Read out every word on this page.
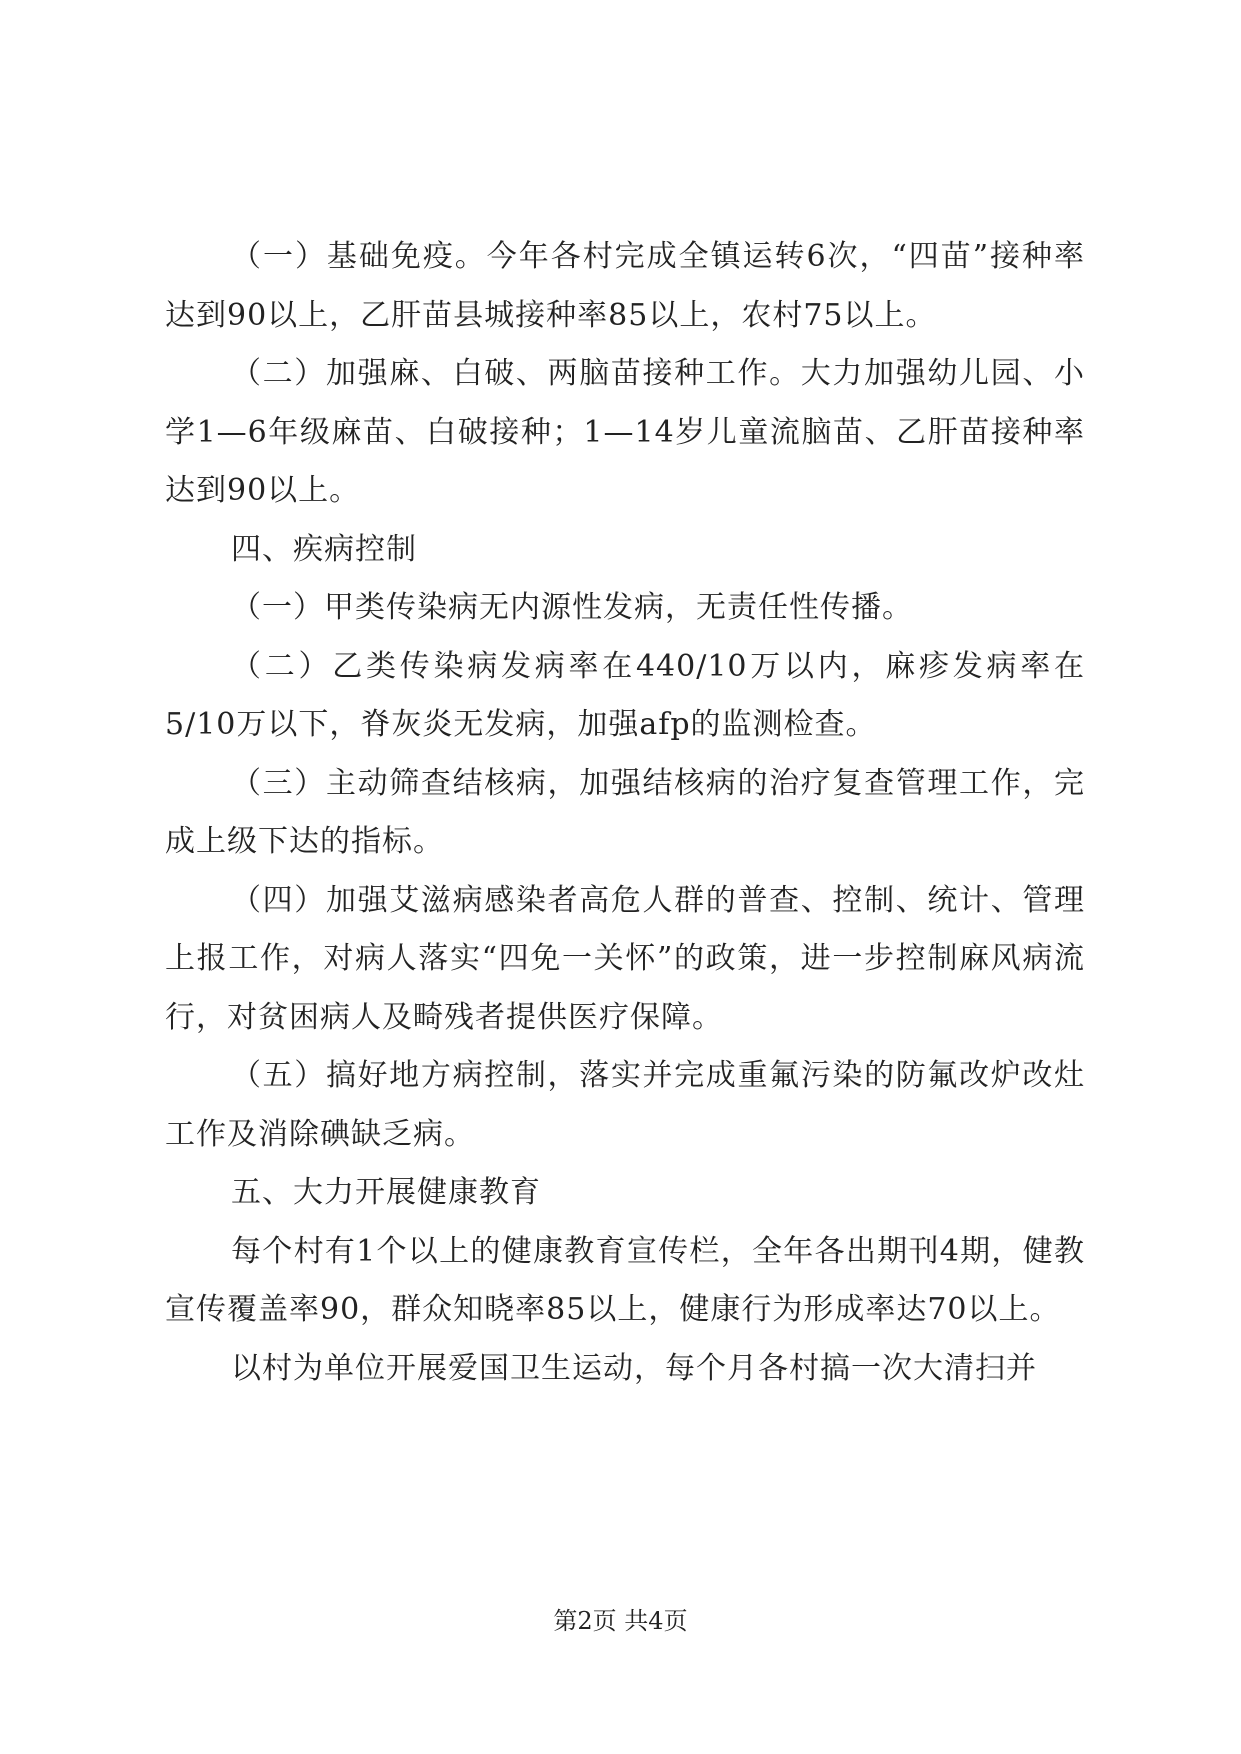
（一）基础免疫。今年各村完成全镇运转6次，“四苗”接种率达到90以上，乙肝苗县城接种率85以上，农村75以上。

（二）加强麻、白破、两脑苗接种工作。大力加强幼儿园、小学1—6年级麻苗、白破接种；1—14岁儿童流脑苗、乙肝苗接种率达到90以上。

四、疾病控制

（一）甲类传染病无内源性发病，无责任性传播。

（二）乙类传染病发病率在440/10万以内，麻疹发病率在5/10万以下，脊灰炎无发病，加强afp的监测检查。

（三）主动筛查结核病，加强结核病的治疗复查管理工作，完成上级下达的指标。

（四）加强艾滋病感染者高危人群的普查、控制、统计、管理上报工作，对病人落实“四免一关怀”的政策，进一步控制麻风病流行，对贫困病人及畸残者提供医疗保障。

（五）搞好地方病控制，落实并完成重氟污染的防氟改炉改灶工作及消除碘缺乏病。

五、大力开展健康教育

每个村有1个以上的健康教育宣传栏，全年各出期刊4期，健教宣传覆盖率90，群众知晓率85以上，健康行为形成率达70以上。

以村为单位开展爱国卫生运动，每个月各村搞一次大清扫并

第2页 共4页
